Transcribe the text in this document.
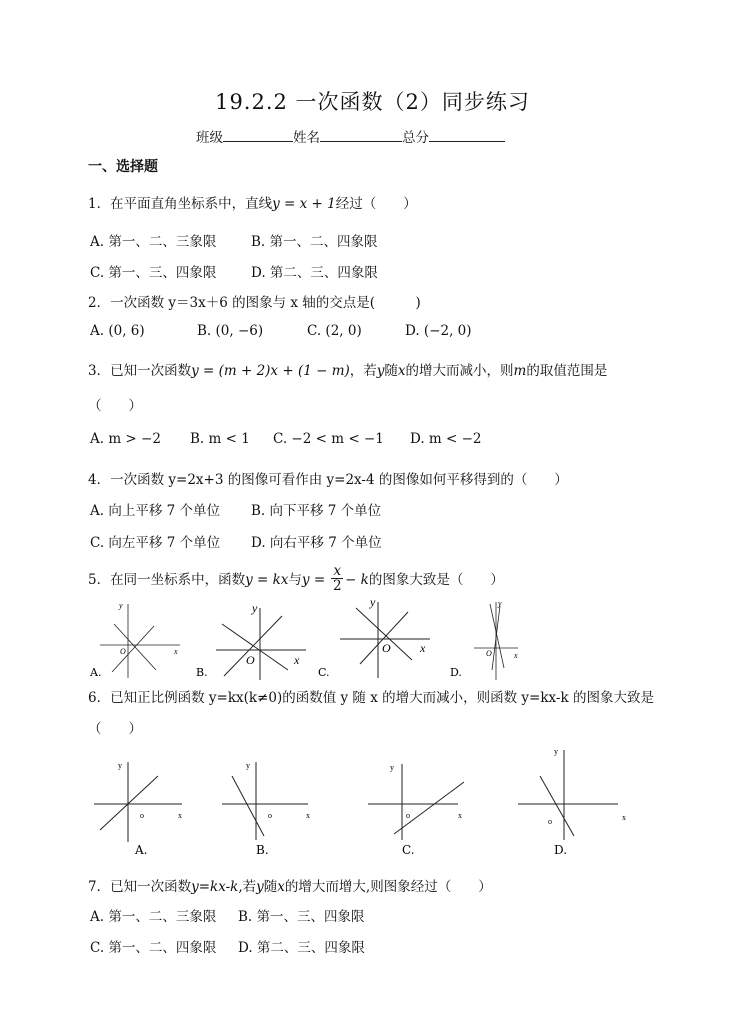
19.2.2 一次函数（2）同步练习
班级	姓名	总分
一、选择题
1．在平面直角坐标系中，直线y = x + 1经过（　　）
A. 第一、二、三象限	B. 第一、二、四象限
C. 第一、三、四象限	D. 第二、三、四象限
2．一次函数 y＝3x＋6 的图象与 x 轴的交点是(　　　)
A. (0, 6)	B. (0, −6)	C. (2, 0)	D. (−2, 0)
3．已知一次函数y = (m + 2)x + (1 − m)，若y随x的增大而减小，则m的取值范围是
（　　）
A. m > −2 B. m < 1 C. −2 < m < −1 D. m < −2
4．一次函数 y=2x+3 的图像可看作由 y=2x-4 的图像如何平移得到的（　　）
A. 向上平移 7 个单位 B. 向下平移 7 个单位
C. 向左平移 7 个单位 D. 向右平移 7 个单位
5．在同一坐标系中，函数y = kx与$y = \frac{x}{2} - k$的图象大致是（　　）
y
x
O
A.
y
x
O
B.
y
x
O
C.
y
x
O
D.
6．已知正比例函数 y=kx(k≠0)的函数值 y 随 x 的增大而减小，则函数 y=kx-k 的图象大致是
（　　）
y
x
o
A.
y
x
o
B.
y
x
o
C.
y
x
o
D.
7．已知一次函数y=kx-k,若y随x的增大而增大,则图象经过（　　）
A. 第一、二、三象限 B. 第一、三、四象限
C. 第一、二、四象限 D. 第二、三、四象限
